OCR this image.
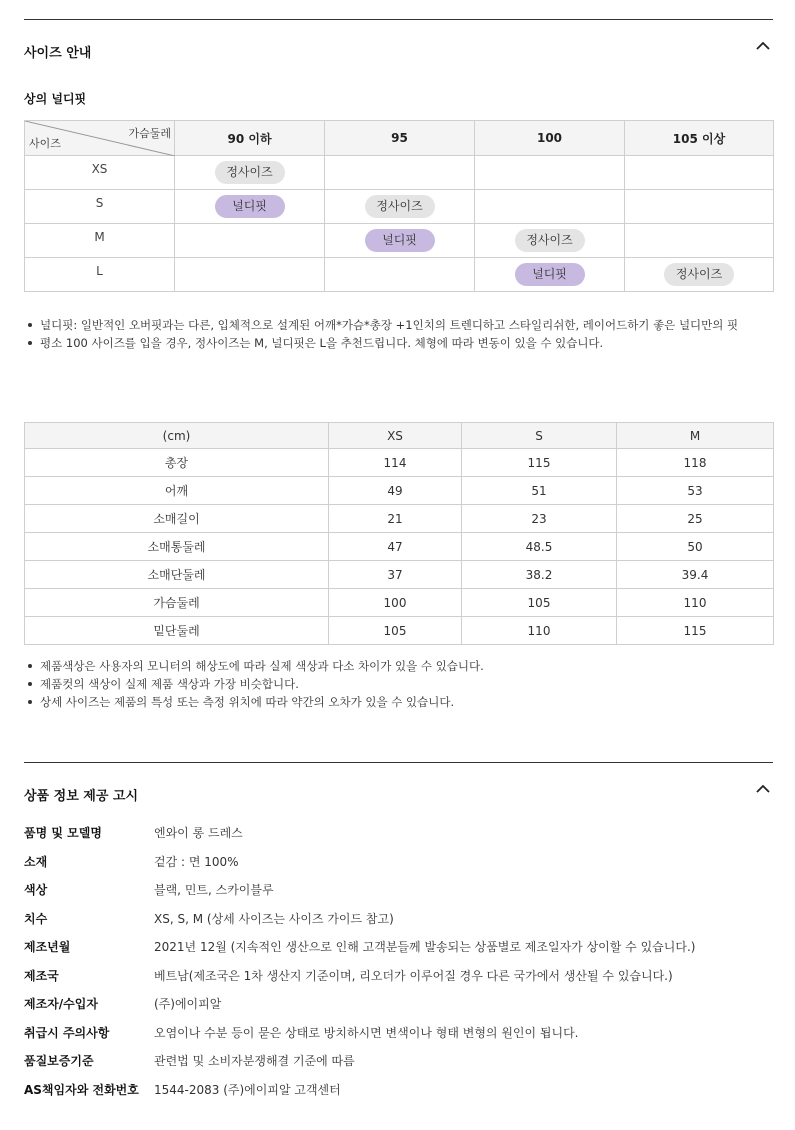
사이즈 안내
상의 널디핏
가슴둘레
사이즈	90 이하	95	100	105 이상
XS	정사이즈			
S	널디핏	정사이즈		
M		널디핏	정사이즈	
L			널디핏	정사이즈
널디핏: 일반적인 오버핏과는 다른, 입체적으로 설계된 어깨*가슴*총장 +1인치의 트렌디하고 스타일리쉬한, 레이어드하기 좋은 널디만의 핏
평소 100 사이즈를 입을 경우, 정사이즈는 M, 널디핏은 L을 추천드립니다. 체형에 따라 변동이 있을 수 있습니다.
(cm)	XS	S	M
총장	114	115	118
어깨	49	51	53
소매길이	21	23	25
소매통둘레	47	48.5	50
소매단둘레	37	38.2	39.4
가슴둘레	100	105	110
밑단둘레	105	110	115
제품색상은 사용자의 모니터의 해상도에 따라 실제 색상과 다소 차이가 있을 수 있습니다.
제품컷의 색상이 실제 제품 색상과 가장 비슷합니다.
상세 사이즈는 제품의 특성 또는 측정 위치에 따라 약간의 오차가 있을 수 있습니다.
상품 정보 제공 고시
품명 및 모델명	엔와이 롱 드레스
소재	겉감 : 면 100%
색상	블랙, 민트, 스카이블루
치수	XS, S, M (상세 사이즈는 사이즈 가이드 참고)
제조년월	2021년 12월 (지속적인 생산으로 인해 고객분들께 발송되는 상품별로 제조일자가 상이할 수 있습니다.)
제조국	베트남(제조국은 1차 생산지 기준이며, 리오더가 이루어질 경우 다른 국가에서 생산될 수 있습니다.)
제조자/수입자	(주)에이피알
취급시 주의사항	오염이나 수분 등이 묻은 상태로 방치하시면 변색이나 형태 변형의 원인이 됩니다.
품질보증기준	관련법 및 소비자분쟁해결 기준에 따름
AS책임자와 전화번호 1544-2083 (주)에이피알 고객센터
